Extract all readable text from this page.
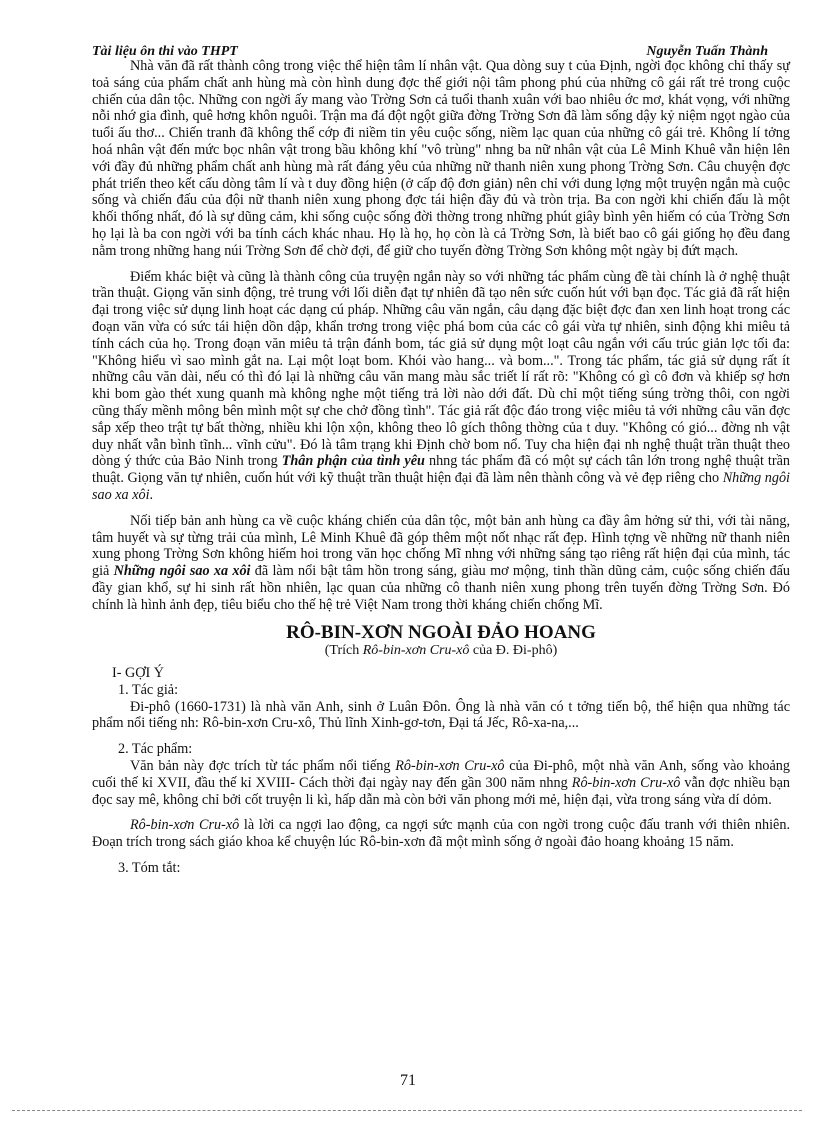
Tài liệu ôn thi vào THPT	Nguyễn Tuấn Thành

Nhà văn đã rất thành công trong việc thể hiện tâm lí nhân vật. Qua dòng suy t của Định, ngời đọc không chỉ thấy sự toả sáng của phẩm chất anh hùng mà còn hình dung đợc thế giới nội tâm phong phú của những cô gái rất trẻ trong cuộc chiến của dân tộc. Những con ngời ấy mang vào Trờng Sơn cả tuổi thanh xuân với bao nhiêu ớc mơ, khát vọng, với những nỗi nhớ gia đình, quê hơng khôn nguôi. Trận ma đá đột ngột giữa đờng Trờng Sơn đã làm sống dậy kỷ niệm ngọt ngào của tuổi ấu thơ... Chiến tranh đã không thể cớp đi niềm tin yêu cuộc sống, niềm lạc quan của những cô gái trẻ. Không lí tởng hoá nhân vật đến mức bọc nhân vật trong bầu không khí "vô trùng" nhng ba nữ nhân vật của Lê Minh Khuê vẫn hiện lên với đầy đủ những phẩm chất anh hùng mà rất đáng yêu của những nữ thanh niên xung phong Trờng Sơn. Câu chuyện đợc phát triển theo kết cấu dòng tâm lí và t duy đồng hiện (ở cấp độ đơn giản) nên chỉ với dung lợng một truyện ngắn mà cuộc sống và chiến đấu của đội nữ thanh niên xung phong đợc tái hiện đầy đủ và tròn trịa. Ba con ngời khi chiến đấu là một khối thống nhất, đó là sự dũng cảm, khi sống cuộc sống đời thờng trong những phút giây bình yên hiếm có của Trờng Sơn họ lại là ba con ngời với ba tính cách khác nhau. Họ là họ, họ còn là cả Trờng Sơn, là biết bao cô gái giống họ đều đang nằm trong những hang núi Trờng Sơn để chờ đợi, để giữ cho tuyến đờng Trờng Sơn không một ngày bị đứt mạch.

Điểm khác biệt và cũng là thành công của truyện ngắn này so với những tác phẩm cùng đề tài chính là ở nghệ thuật trần thuật. Giọng văn sinh động, trẻ trung với lối diễn đạt tự nhiên đã tạo nên sức cuốn hút với bạn đọc. Tác giả đã rất hiện đại trong việc sử dụng linh hoạt các dạng cú pháp. Những câu văn ngắn, câu dạng đặc biệt đợc đan xen linh hoạt trong các đoạn văn vừa có sức tái hiện dồn dập, khẩn trơng trong việc phá bom của các cô gái vừa tự nhiên, sinh động khi miêu tả tính cách của họ. Trong đoạn văn miêu tả trận đánh bom, tác giả sử dụng một loạt câu ngắn với cấu trúc giản lợc tối đa: "Không hiểu vì sao mình gắt na. Lại một loạt bom. Khói vào hang... và bom...". Trong tác phẩm, tác giả sử dụng rất ít những câu văn dài, nếu có thì đó lại là những câu văn mang màu sắc triết lí rất rõ: "Không có gì cô đơn và khiếp sợ hơn khi bom gào thét xung quanh mà không nghe một tiếng trả lời nào dới đất. Dù chỉ một tiếng súng trờng thôi, con ngời cũng thấy mềnh mông bên mình một sự che chở đồng tình". Tác giả rất độc đáo trong việc miêu tả với những câu văn đợc sắp xếp theo trật tự bất thờng, nhiều khi lộn xộn, không theo lô gích thông thờng của t duy. "Không có gió... đờng nh vật duy nhất vẫn bình tĩnh... vĩnh cửu". Đó là tâm trạng khi Định chờ bom nổ. Tuy cha hiện đại nh nghệ thuật trần thuật theo dòng ý thức của Bảo Ninh trong Thân phận của tình yêu nhng tác phẩm đã có một sự cách tân lớn trong nghệ thuật trần thuật. Giọng văn tự nhiên, cuốn hút với kỹ thuật trần thuật hiện đại đã làm nên thành công và vẻ đẹp riêng cho Những ngôi sao xa xôi.

Nối tiếp bản anh hùng ca về cuộc kháng chiến của dân tộc, một bản anh hùng ca đầy âm hởng sử thi, với tài năng, tâm huyết và sự từng trải của mình, Lê Minh Khuê đã góp thêm một nốt nhạc rất đẹp. Hình tợng về những nữ thanh niên xung phong Trờng Sơn không hiếm hoi trong văn học chống Mĩ nhng với những sáng tạo riêng rất hiện đại của mình, tác giả Những ngôi sao xa xôi đã làm nổi bật tâm hồn trong sáng, giàu mơ mộng, tinh thần dũng cảm, cuộc sống chiến đấu đầy gian khổ, sự hi sinh rất hồn nhiên, lạc quan của những cô thanh niên xung phong trên tuyến đờng Trờng Sơn. Đó chính là hình ảnh đẹp, tiêu biểu cho thế hệ trẻ Việt Nam trong thời kháng chiến chống Mĩ.

RÔ-BIN-XƠN NGOÀI ĐẢO HOANG
(Trích Rô-bin-xơn Cru-xô của Đ. Đi-phô)
I- GỢI Ý
1. Tác giả:

Đi-phô (1660-1731) là nhà văn Anh, sinh ở Luân Đôn. Ông là nhà văn có t tởng tiến bộ, thể hiện qua những tác phẩm nổi tiếng nh: Rô-bin-xơn Cru-xô, Thủ lĩnh Xinh-gơ-tơn, Đại tá Jếc, Rô-xa-na,...

2. Tác phẩm:

Văn bản này đợc trích từ tác phẩm nổi tiếng Rô-bin-xơn Cru-xô của Đi-phô, một nhà văn Anh, sống vào khoảng cuối thế kỉ XVII, đầu thế kỉ XVIII- Cách thời đại ngày nay đến gần 300 năm nhng Rô-bin-xơn Cru-xô vẫn đợc nhiều bạn đọc say mê, không chỉ bởi cốt truyện li kì, hấp dẫn mà còn bởi văn phong mới mẻ, hiện đại, vừa trong sáng vừa dí dỏm.

Rô-bin-xơn Cru-xô là lời ca ngợi lao động, ca ngợi sức mạnh của con ngời trong cuộc đấu tranh với thiên nhiên. Đoạn trích trong sách giáo khoa kể chuyện lúc Rô-bin-xơn đã một mình sống ở ngoài đảo hoang khoảng 15 năm.

3. Tóm tắt:
71
